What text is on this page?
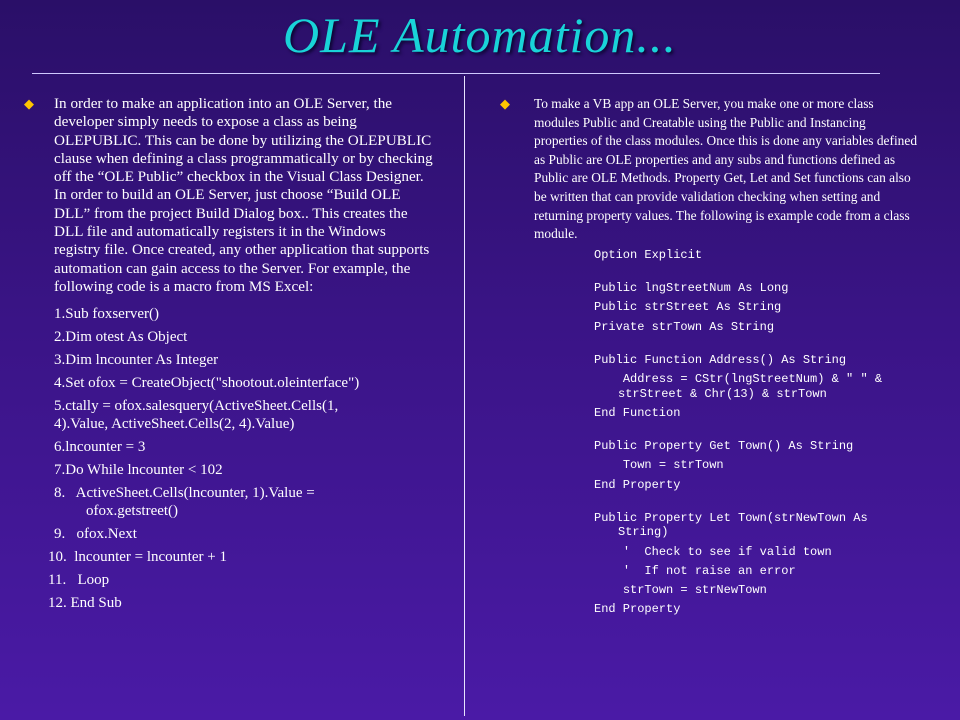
OLE Automation...
◆ In order to make an application into an OLE Server, the developer simply needs to expose a class as being OLEPUBLIC. This can be done by utilizing the OLEPUBLIC clause when defining a class programmatically or by checking off the “OLE Public” checkbox in the Visual Class Designer. In order to build an OLE Server, just choose “Build OLE DLL” from the project Build Dialog box.. This creates the DLL file and automatically registers it in the Windows registry file. Once created, any other application that supports automation can gain access to the Server. For example, the following code is a macro from MS Excel:
1.Sub foxserver()
2.Dim otest As Object
3.Dim lncounter As Integer
4.Set ofox = CreateObject("shootout.oleinterface")
5.ctally = ofox.salesquery(ActiveSheet.Cells(1,
4).Value, ActiveSheet.Cells(2, 4).Value)
6.lncounter = 3
7.Do While lncounter < 102
8.   ActiveSheet.Cells(lncounter, 1).Value =
ofox.getstreet()
9.   ofox.Next
10.  lncounter = lncounter + 1
11.   Loop
12. End Sub
◆ To make a VB app an OLE Server, you make one or more class modules Public and Creatable using the Public and Instancing properties of the class modules. Once this is done any variables defined as Public are OLE properties and any subs and functions defined as Public are OLE Methods. Property Get, Let and Set functions can also be written that can provide validation checking when setting and returning property values. The following is example code from a class module.
Option Explicit
Public lngStreetNum As Long
Public strStreet As String
Private strTown As String
Public Function Address() As String
Address = CStr(lngStreetNum) & " " &
strStreet & Chr(13) & strTown
End Function
Public Property Get Town() As String
Town = strTown
End Property
Public Property Let Town(strNewTown As
String)
'  Check to see if valid town
'  If not raise an error
strTown = strNewTown
End Property
